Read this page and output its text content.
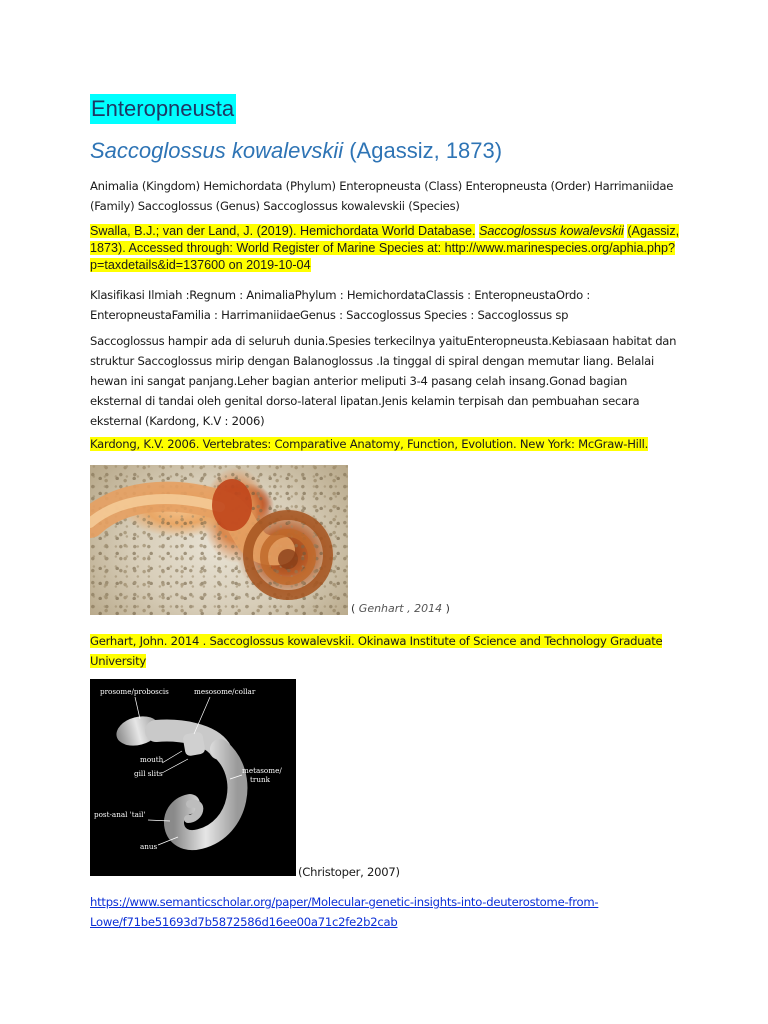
Enteropneusta
Saccoglossus kowalevskii (Agassiz, 1873)
Animalia (Kingdom) Hemichordata (Phylum) Enteropneusta (Class) Enteropneusta (Order) Harrimaniidae (Family) Saccoglossus (Genus) Saccoglossus kowalevskii (Species)
Swalla, B.J.; van der Land, J. (2019). Hemichordata World Database. Saccoglossus kowalevskii (Agassiz, 1873). Accessed through: World Register of Marine Species at: http://www.marinespecies.org/aphia.php?p=taxdetails&id=137600 on 2019-10-04
Klasifikasi Ilmiah :Regnum : AnimaliaPhylum : HemichordataClassis : EnteropneustaOrdo : EnteropneustaFamilia : HarrimaniidaeGenus : Saccoglossus Species : Saccoglossus sp
Saccoglossus hampir ada di seluruh dunia.Spesies terkecilnya yaituEnteropneusta.Kebiasaan habitat dan struktur Saccoglossus mirip dengan Balanoglossus .Ia tinggal di spiral dengan memutar liang. Belalai hewan ini sangat panjang.Leher bagian anterior meliputi 3-4 pasang celah insang.Gonad bagian eksternal di tandai oleh genital dorso-lateral lipatan.Jenis kelamin terpisah dan pembuahan secara eksternal (Kardong, K.V : 2006)
Kardong, K.V. 2006. Vertebrates: Comparative Anatomy, Function, Evolution. New York: McGraw-Hill.
( Genhart , 2014 )
Gerhart, John. 2014 . Saccoglossus kowalevskii. Okinawa Institute of Science and Technology Graduate University
prosome/proboscis	mesosome/collar
mouth
gill slits	metasome/
trunk
post-anal 'tail'
anus
(Christoper, 2007)
https://www.semanticscholar.org/paper/Molecular-genetic-insights-into-deuterostome-from-Lowe/f71be51693d7b5872586d16ee00a71c2fe2b2cab
